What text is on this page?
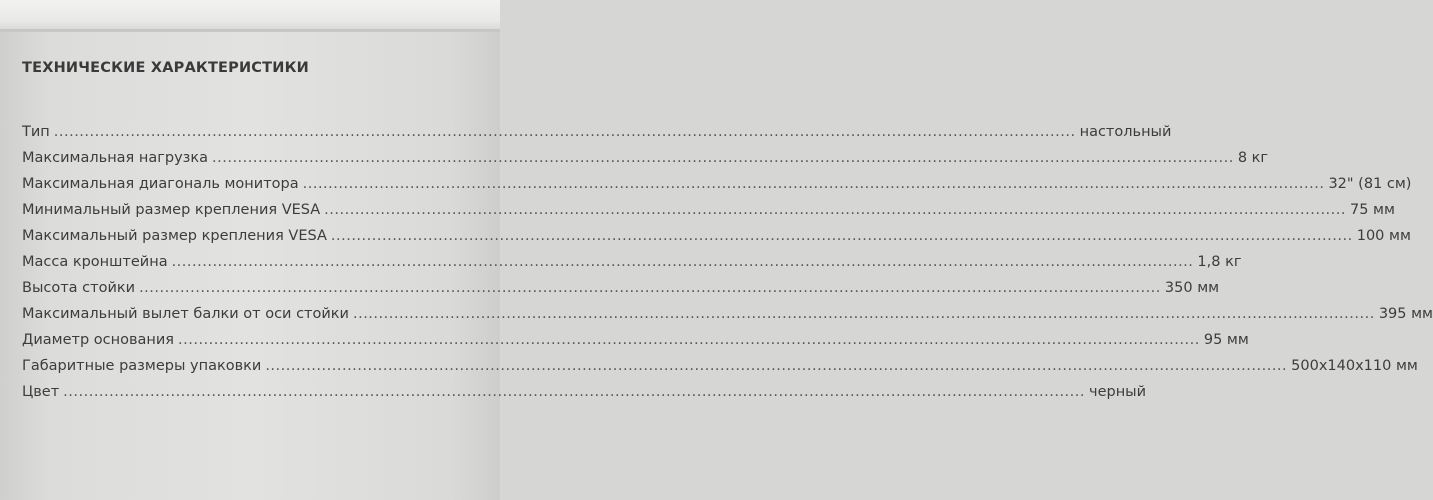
ТЕХНИЧЕСКИЕ ХАРАКТЕРИСТИКИ
Тип ........................................................................................................................................................................................................ настольный
Максимальная нагрузка ........................................................................................................................................................................................................ 8 кг
Максимальная диагональ монитора ........................................................................................................................................................................................................ 32" (81 см)
Минимальный размер крепления VESA ........................................................................................................................................................................................................ 75 мм
Максимальный размер крепления VESA ........................................................................................................................................................................................................ 100 мм
Масса кронштейна ........................................................................................................................................................................................................ 1,8 кг
Высота стойки ........................................................................................................................................................................................................ 350 мм
Максимальный вылет балки от оси стойки ........................................................................................................................................................................................................ 395 мм
Диаметр основания ........................................................................................................................................................................................................ 95 мм
Габаритные размеры упаковки ........................................................................................................................................................................................................ 500x140x110 мм
Цвет ........................................................................................................................................................................................................ черный
